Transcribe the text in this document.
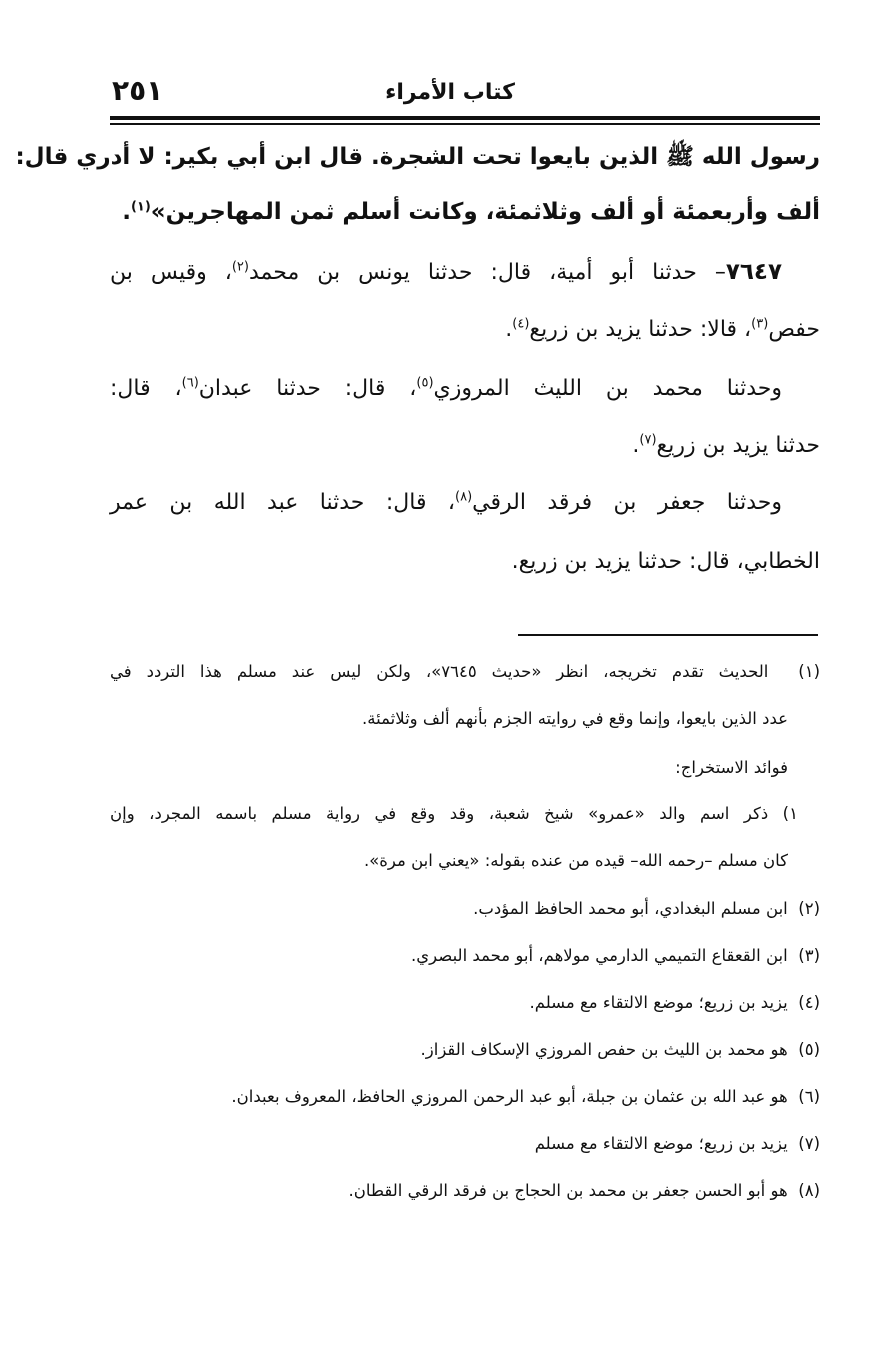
كتاب الأمراء
٢٥١
رسول الله ﷺ الذين بايعوا تحت الشجرة. قال ابن أبي بكير: لا أدري قال:
ألف وأربعمئة أو ألف وثلاثمئة، وكانت أسلم ثمن المهاجرين»$^{(١)}$.
٧٦٤٧– حدثنا أبو أمية، قال: حدثنا يونس بن محمد$^{(٢)}$، وقيس بن
حفص$^{(٣)}$، قالا: حدثنا يزيد بن زريع$^{(٤)}$.
وحدثنا محمد بن الليث المروزي$^{(٥)}$، قال: حدثنا عبدان$^{(٦)}$، قال:
حدثنا يزيد بن زريع$^{(٧)}$.
وحدثنا جعفر بن فرقد الرقي$^{(٨)}$، قال: حدثنا عبد الله بن عمر
الخطابي، قال: حدثنا يزيد بن زريع.
(١)  الحديث تقدم تخريجه، انظر «حديث ٧٦٤٥»، ولكن ليس عند مسلم هذا التردد في
عدد الذين بايعوا، وإنما وقع في روايته الجزم بأنهم ألف وثلاثمئة.
فوائد الاستخراج:
١) ذكر اسم والد «عمرو» شيخ شعبة، وقد وقع في رواية مسلم باسمه المجرد، وإن
كان مسلم –رحمه الله– قيده من عنده بقوله: «يعني ابن مرة».
(٢)  ابن مسلم البغدادي، أبو محمد الحافظ المؤدب.
(٣)  ابن القعقاع التميمي الدارمي مولاهم، أبو محمد البصري.
(٤)  يزيد بن زريع؛ موضع الالتقاء مع مسلم.
(٥)  هو محمد بن الليث بن حفص المروزي الإسكاف القزاز.
(٦)  هو عبد الله بن عثمان بن جبلة، أبو عبد الرحمن المروزي الحافظ، المعروف بعبدان.
(٧)  يزيد بن زريع؛ موضع الالتقاء مع مسلم
(٨)  هو أبو الحسن جعفر بن محمد بن الحجاج بن فرقد الرقي القطان.
